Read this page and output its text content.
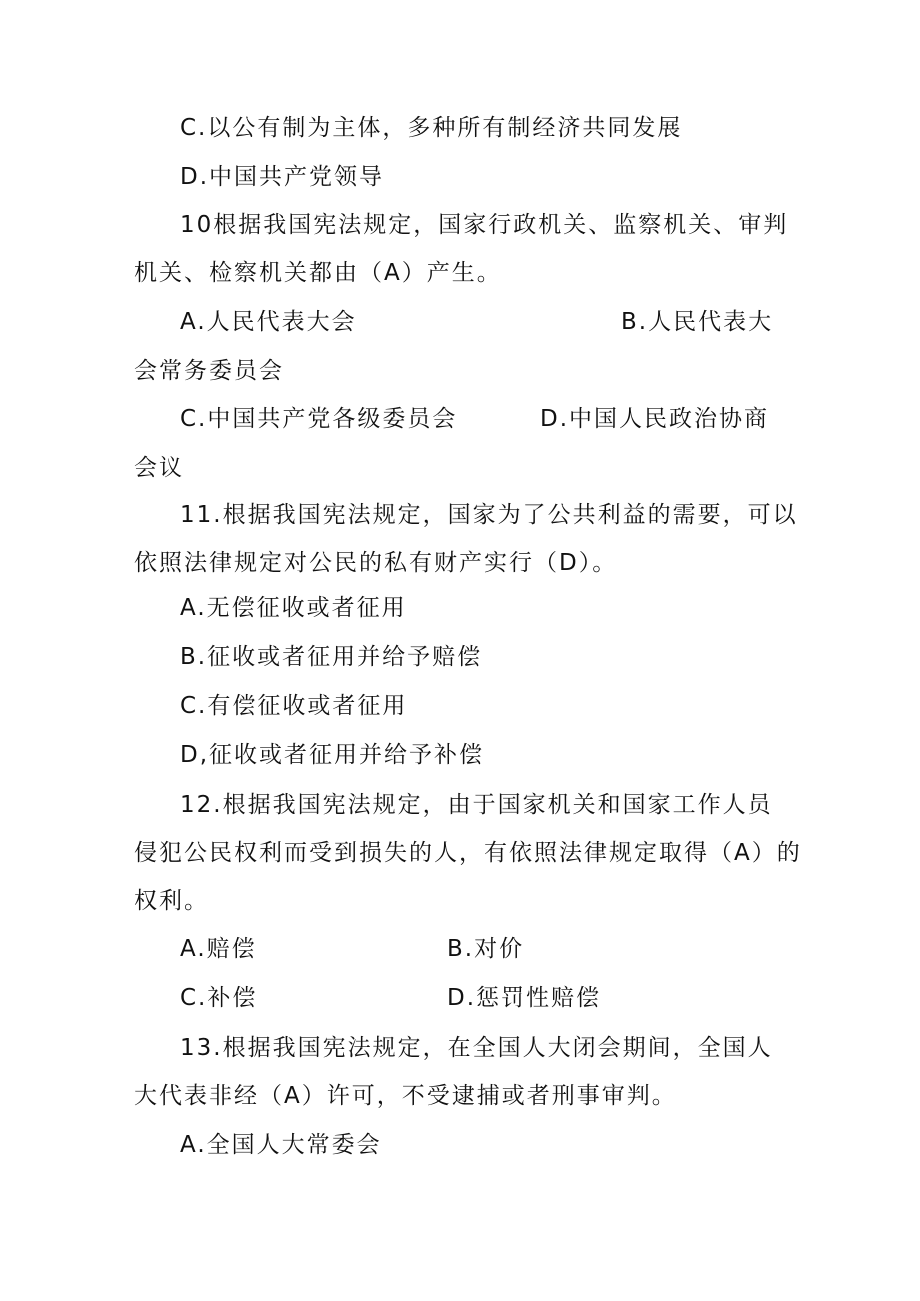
C.以公有制为主体，多种所有制经济共同发展
D.中国共产党领导
10根据我国宪法规定，国家行政机关、监察机关、审判
机关、检察机关都由（A）产生。
A.人民代表大会	B.人民代表大
会常务委员会
C.中国共产党各级委员会	D.中国人民政治协商
会议
11.根据我国宪法规定，国家为了公共利益的需要，可以
依照法律规定对公民的私有财产实行（D）。
A.无偿征收或者征用
B.征收或者征用并给予赔偿
C.有偿征收或者征用
D,征收或者征用并给予补偿
12.根据我国宪法规定，由于国家机关和国家工作人员
侵犯公民权利而受到损失的人，有依照法律规定取得（A）的
权利。
A.赔偿	B.对价
C.补偿	D.惩罚性赔偿
13.根据我国宪法规定，在全国人大闭会期间，全国人
大代表非经（A）许可，不受逮捕或者刑事审判。
A.全国人大常委会
